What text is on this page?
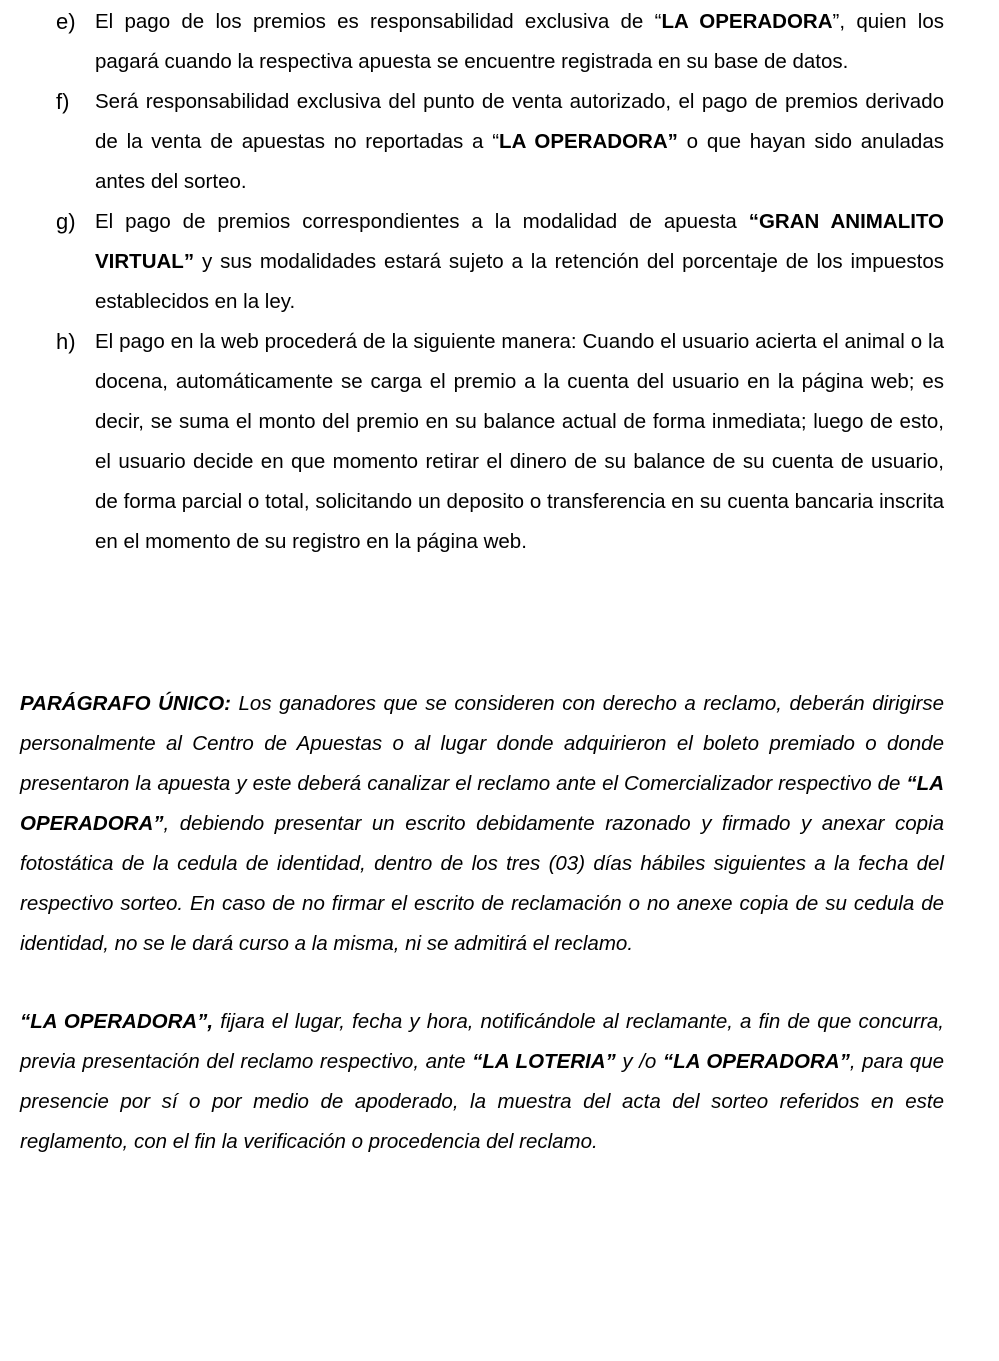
e) El pago de los premios es responsabilidad exclusiva de “LA OPERADORA”, quien los pagará cuando la respectiva apuesta se encuentre registrada en su base de datos.

f)	Será responsabilidad exclusiva del punto de venta autorizado, el pago de premios derivado de la venta de apuestas no reportadas a “LA OPERADORA” o que hayan sido anuladas antes del sorteo.

g) El pago de premios correspondientes a la modalidad de apuesta “GRAN ANIMALITO VIRTUAL” y sus modalidades estará sujeto a la retención del porcentaje de los impuestos establecidos en la ley.

h) El pago en la web procederá de la siguiente manera: Cuando el usuario acierta el animal o la docena, automáticamente se carga el premio a la cuenta del usuario en la página web; es decir, se suma el monto del premio en su balance actual de forma inmediata; luego de esto, el usuario decide en que momento retirar el dinero de su balance de su cuenta de usuario, de forma parcial o total, solicitando un deposito o transferencia en su cuenta bancaria inscrita en el momento de su registro en la página web.

PARÁGRAFO ÚNICO: Los ganadores que se consideren con derecho a reclamo, deberán dirigirse personalmente al Centro de Apuestas o al lugar donde adquirieron el boleto premiado o donde presentaron la apuesta y este deberá canalizar el reclamo ante el Comercializador respectivo de “LA OPERADORA”, debiendo presentar un escrito debidamente razonado y firmado y anexar copia fotostática de la cedula de identidad, dentro de los tres (03) días hábiles siguientes a la fecha del respectivo sorteo. En caso de no firmar el escrito de reclamación o no anexe copia de su cedula de identidad, no se le dará curso a la misma, ni se admitirá el reclamo.

“LA OPERADORA”, fijara el lugar, fecha y hora, notificándole al reclamante, a fin de que concurra, previa presentación del reclamo respectivo, ante “LA LOTERIA” y /o “LA OPERADORA”, para que presencie por sí o por medio de apoderado, la muestra del acta del sorteo referidos en este reglamento, con el fin la verificación o procedencia del reclamo.
